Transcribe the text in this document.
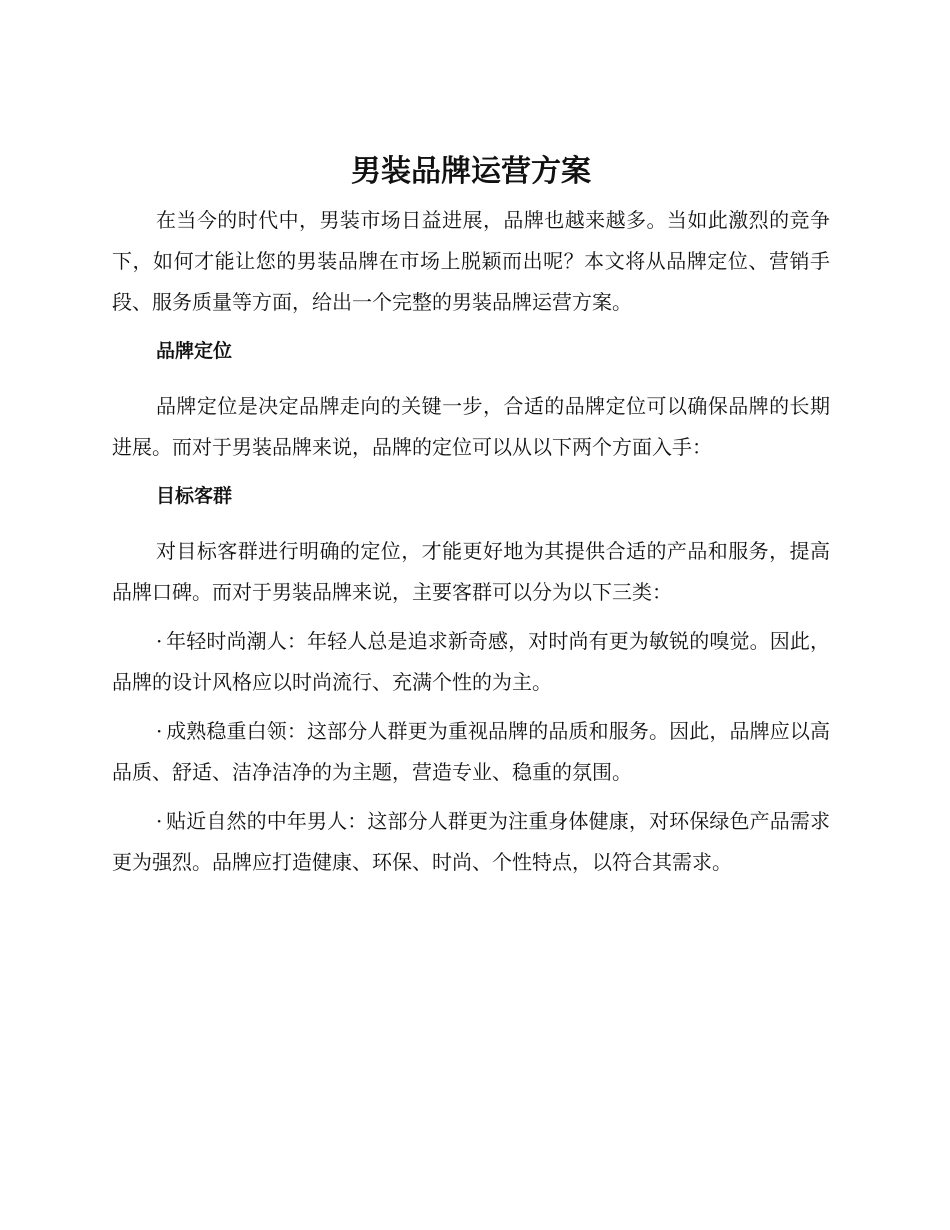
男装品牌运营方案

在当今的时代中，男装市场日益进展，品牌也越来越多。当如此激烈的竞争下，如何才能让您的男装品牌在市场上脱颖而出呢？本文将从品牌定位、营销手段、服务质量等方面，给出一个完整的男装品牌运营方案。

品牌定位

品牌定位是决定品牌走向的关键一步，合适的品牌定位可以确保品牌的长期进展。而对于男装品牌来说，品牌的定位可以从以下两个方面入手：

目标客群

对目标客群进行明确的定位，才能更好地为其提供合适的产品和服务，提高品牌口碑。而对于男装品牌来说，主要客群可以分为以下三类：

· 年轻时尚潮人：年轻人总是追求新奇感，对时尚有更为敏锐的嗅觉。因此，品牌的设计风格应以时尚流行、充满个性的为主。

· 成熟稳重白领：这部分人群更为重视品牌的品质和服务。因此，品牌应以高品质、舒适、洁净洁净的为主题，营造专业、稳重的氛围。

· 贴近自然的中年男人：这部分人群更为注重身体健康，对环保绿色产品需求更为强烈。品牌应打造健康、环保、时尚、个性特点，以符合其需求。
